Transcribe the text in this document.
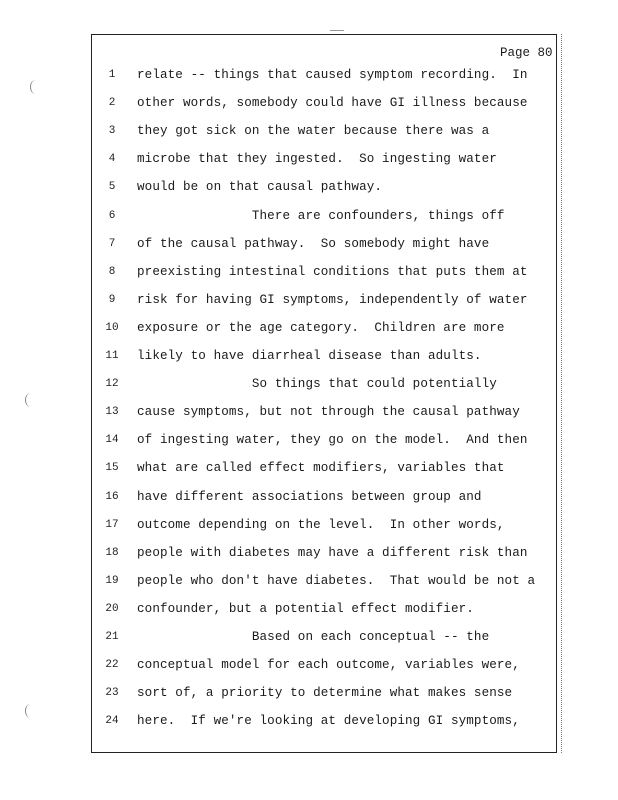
Page 80
1	relate -- things that caused symptom recording.  In
2	other words, somebody could have GI illness because
3	they got sick on the water because there was a
4	microbe that they ingested.  So ingesting water
5	would be on that causal pathway.
6	There are confounders, things off
7	of the causal pathway.  So somebody might have
8	preexisting intestinal conditions that puts them at
9	risk for having GI symptoms, independently of water
10	exposure or the age category.  Children are more
11	likely to have diarrheal disease than adults.
12	So things that could potentially
13	cause symptoms, but not through the causal pathway
14	of ingesting water, they go on the model.  And then
15	what are called effect modifiers, variables that
16	have different associations between group and
17	outcome depending on the level.  In other words,
18	people with diabetes may have a different risk than
19	people who don't have diabetes.  That would be not a
20	confounder, but a potential effect modifier.
21	Based on each conceptual -- the
22	conceptual model for each outcome, variables were,
23	sort of, a priority to determine what makes sense
24	here.  If we're looking at developing GI symptoms,
